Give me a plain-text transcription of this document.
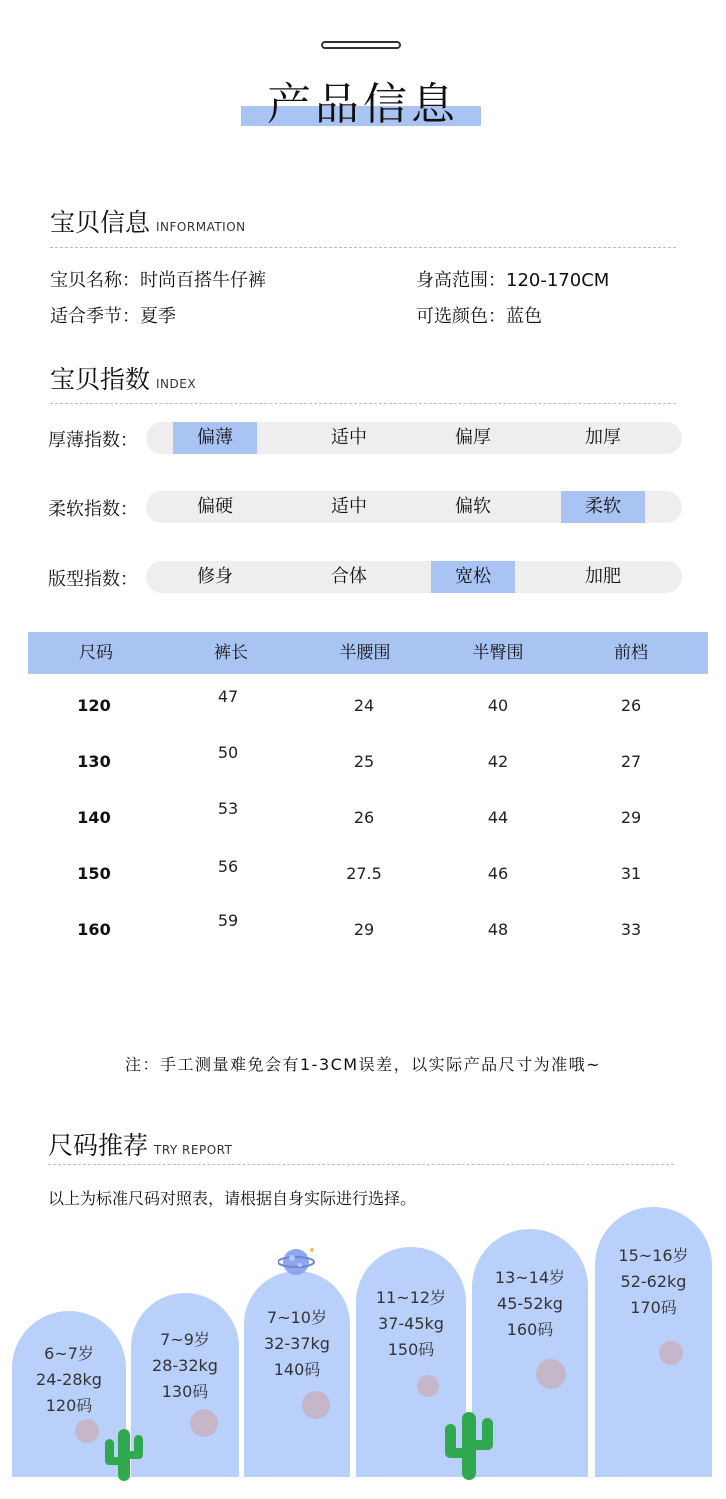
产品信息
宝贝信息 INFORMATION
宝贝名称：时尚百搭牛仔裤	身高范围：120-170CM
适合季节：夏季	可选颜色：蓝色
宝贝指数 INDEX
厚薄指数：	偏薄	适中	偏厚	加厚
柔软指数：	偏硬	适中	偏软	柔软
版型指数：	修身	合体	宽松	加肥
尺码	裤长	半腰围	半臀围	前档
120	47	24	40	26
130	50	25	42	27
140	53	26	44	29
150	56	27.5	46	31
160	59	29	48	33
注：手工测量难免会有1-3CM误差，以实际产品尺寸为准哦~
尺码推荐 TRY REPORT
以上为标准尺码对照表，请根据自身实际进行选择。
6~7岁
24-28kg
120码
7~9岁
28-32kg
130码
7~10岁
32-37kg
140码
11~12岁
37-45kg
150码
13~14岁
45-52kg
160码
15~16岁
52-62kg
170码
